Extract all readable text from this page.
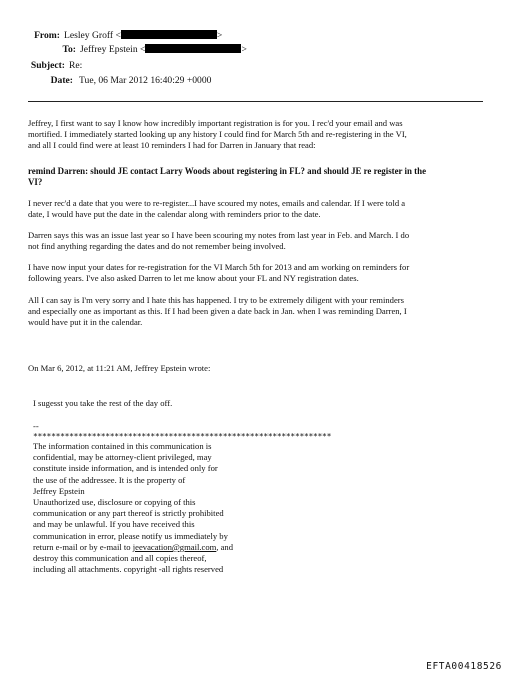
From: Lesley Groff <	>
To: Jeffrey Epstein <	>
Subject: Re:
Date: Tue, 06 Mar 2012 16:40:29 +0000
Jeffrey, I first want to say I know how incredibly important registration is for you. I rec'd your email and was
mortified. I immediately started looking up any history I could find for March 5th and re-registering in the VI,
and all I could find were at least 10 reminders I had for Darren in January that read:
remind Darren: should JE contact Larry Woods about registering in FL? and should JE re register in the
VI?
I never rec'd a date that you were to re-register...I have scoured my notes, emails and calendar. If I were told a
date, I would have put the date in the calendar along with reminders prior to the date.
Darren says this was an issue last year so I have been scouring my notes from last year in Feb. and March. I do
not find anything regarding the dates and do not remember being involved.
I have now input your dates for re-registration for the VI March 5th for 2013 and am working on reminders for
following years. I've also asked Darren to let me know about your FL and NY registration dates.
All I can say is I'm very sorry and I hate this has happened. I try to be extremely diligent with your reminders
and especially one as important as this. If I had been given a date back in Jan. when I was reminding Darren, I
would have put it in the calendar.
On Mar 6, 2012, at 11:21 AM, Jeffrey Epstein wrote:
I sugesst you take the rest of the day off.
--
******************************************************************
The information contained in this communication is
confidential, may be attorney-client privileged, may
constitute inside information, and is intended only for
the use of the addressee. It is the property of
Jeffrey Epstein
Unauthorized use, disclosure or copying of this
communication or any part thereof is strictly prohibited
and may be unlawful. If you have received this
communication in error, please notify us immediately by
return e-mail or by e-mail to jeevacation@gmail.com, and
destroy this communication and all copies thereof,
including all attachments. copyright -all rights reserved
EFTA00418526
